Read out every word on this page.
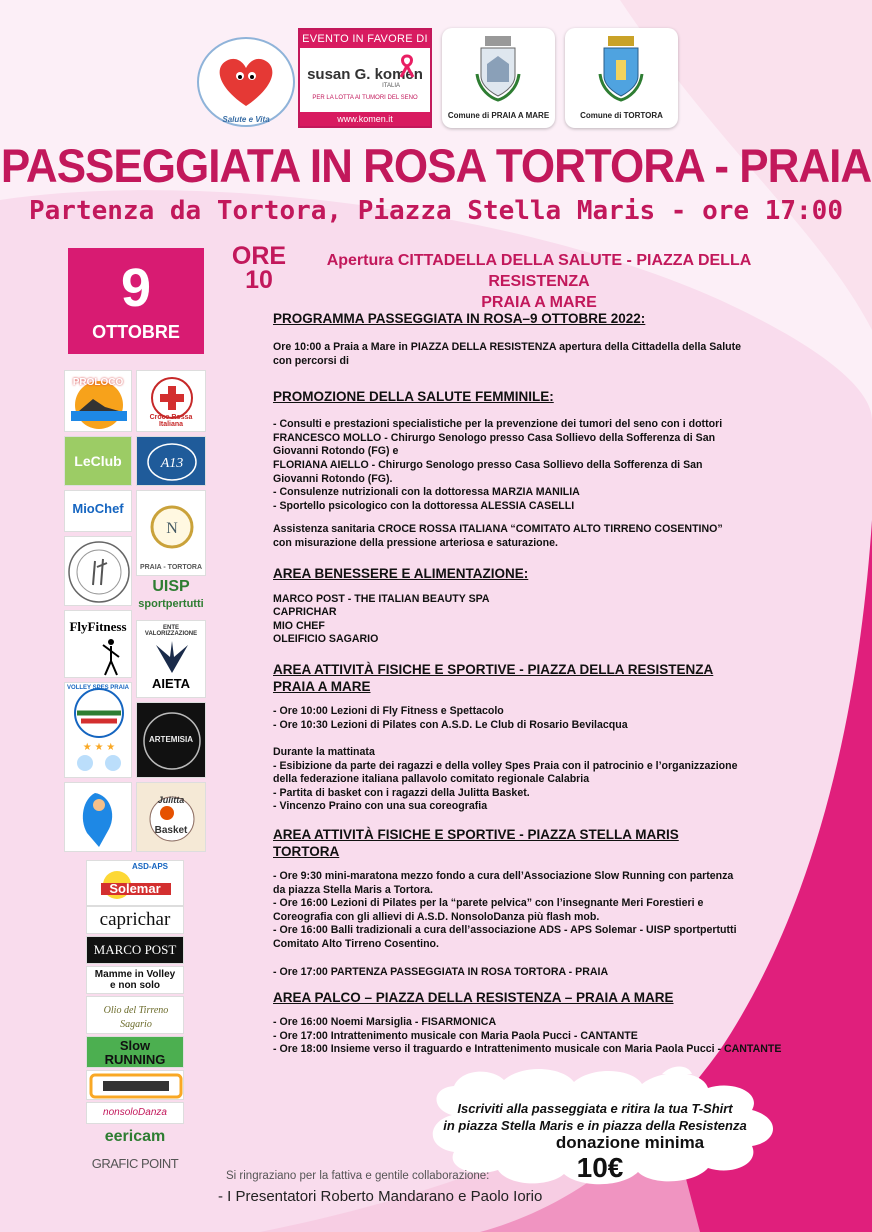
Salute e Vita
EVENTO IN FAVORE DI
susan G. komen
ITALIA
PER LA LOTTA AI TUMORI DEL SENO
www.komen.it	Comune di PRAIA A MARE	Comune di TORTORA
PASSEGGIATA IN ROSA TORTORA - PRAIA
Partenza da Tortora, Piazza Stella Maris - ore 17:00
9
OTTOBRE
ORE
10
Apertura CITTADELLA DELLA SALUTE - PIAZZA DELLA RESISTENZA
PRAIA A MARE

PROGRAMMA PASSEGGIATA IN ROSA–9 OTTOBRE 2022:

Ore 10:00 a Praia a Mare in PIAZZA DELLA RESISTENZA apertura della Cittadella della Salute

con percorsi di

PROMOZIONE DELLA SALUTE FEMMINILE:

- Consulti e prestazioni specialistiche per la prevenzione dei tumori del seno con i dottori

FRANCESCO MOLLO - Chirurgo Senologo presso Casa Sollievo della Sofferenza di San

Giovanni Rotondo (FG) e

FLORIANA AIELLO - Chirurgo Senologo presso Casa Sollievo della Sofferenza di San

Giovanni Rotondo (FG).

- Consulenze nutrizionali con la dottoressa MARZIA MANILIA

- Sportello psicologico con la dottoressa ALESSIA CASELLI

Assistenza sanitaria CROCE ROSSA ITALIANA “COMITATO ALTO TIRRENO COSENTINO”

con misurazione della pressione arteriosa e saturazione.

AREA BENESSERE E ALIMENTAZIONE:

MARCO POST - THE ITALIAN BEAUTY SPA

CAPRICHAR

MIO CHEF

OLEIFICIO SAGARIO

AREA ATTIVITÀ FISICHE E SPORTIVE - PIAZZA DELLA RESISTENZA

PRAIA A MARE

- Ore 10:00 Lezioni di Fly Fitness e Spettacolo

- Ore 10:30 Lezioni di Pilates con A.S.D. Le Club di Rosario Bevilacqua

Durante la mattinata

- Esibizione da parte dei ragazzi e della volley Spes Praia con il patrocinio e l’organizzazione

della federazione italiana pallavolo comitato regionale Calabria

- Partita di basket con i ragazzi della Julitta Basket.

- Vincenzo Praino con una sua coreografia

AREA ATTIVITÀ FISICHE E SPORTIVE - PIAZZA STELLA MARIS

TORTORA

- Ore 9:30 mini-maratona mezzo fondo a cura dell’Associazione Slow Running con partenza

da piazza Stella Maris a Tortora.

- Ore 16:00 Lezioni di Pilates per la “parete pelvica” con l’insegnante Meri Forestieri e

Coreografia con gli allievi di A.S.D. NonsoloDanza più flash mob.

- Ore 16:00 Balli tradizionali a cura dell’associazione ADS - APS Solemar - UISP sportpertutti

Comitato Alto Tirreno Cosentino.

- Ore 17:00 PARTENZA PASSEGGIATA IN ROSA TORTORA - PRAIA

AREA PALCO – PIAZZA DELLA RESISTENZA – PRAIA A MARE

- Ore 16:00 Noemi Marsiglia - FISARMONICA

- Ore 17:00 Intrattenimento musicale con Maria Paola Pucci - CANTANTE

- Ore 18:00 Insieme verso il traguardo e Intrattenimento musicale con Maria Paola Pucci - CANTANTE

PROLOCO
Croce Rossa Italiana
LeClub	A13
MioChef
N
PRAIA - TORTORA
UISP
sportpertutti
FlyFitness	ENTE VALORIZZAZIONE
AIETA
★ ★ ★
VOLLEY SPES PRAIA
ARTEMISIA
Julitta
Basket
ASD-APS
Solemar
caprichar
MARCO POST
Mamme in Volley
e non solo
Olio del Tirreno
Sagario
Slow
RUNNING
nonsoloDanza
eericam
GRAFIC POINT
Iscriviti alla passeggiata e ritira la tua T-Shirt
in piazza Stella Maris e in piazza della Resistenza
donazione minima
10€
Si ringraziano per la fattiva e gentile collaborazione:
- I Presentatori Roberto Mandarano e Paolo Iorio
